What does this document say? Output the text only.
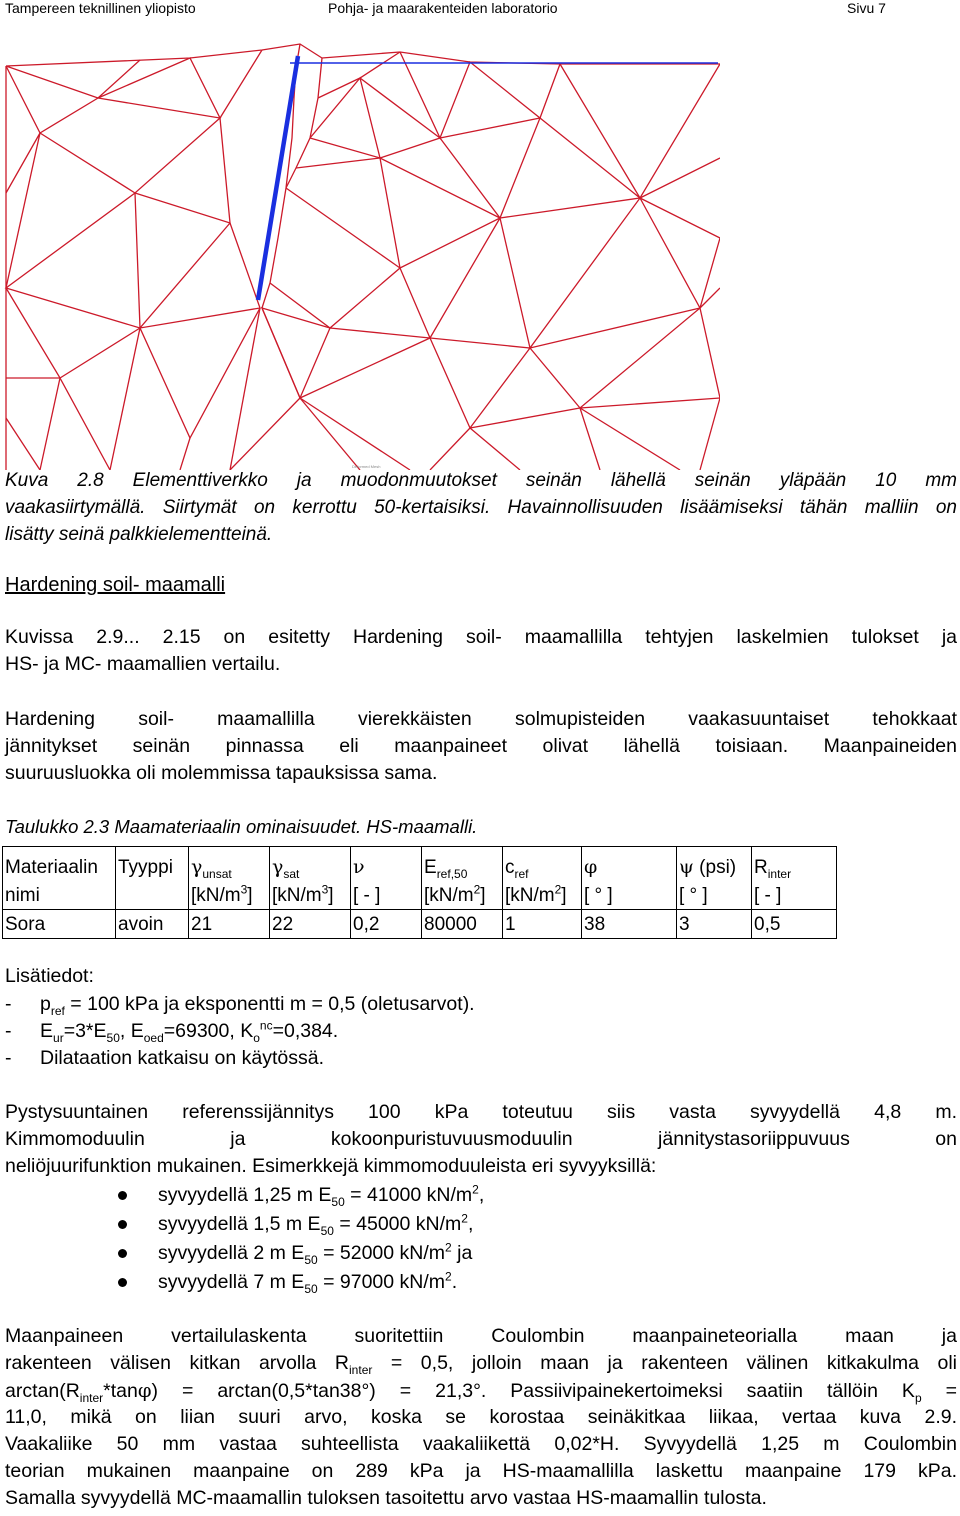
Tampereen teknillinen yliopisto	Pohja- ja maarakenteiden laboratorio	Sivu 7
Deformed Mesh
Kuva 2.8 Elementtiverkko ja muodonmuutokset seinän lähellä seinän yläpään 10 mm
vaakasiirtymällä. Siirtymät on kerrottu 50-kertaisiksi. Havainnollisuuden lisäämiseksi tähän malliin on
lisätty seinä palkkielementteinä.
Hardening soil- maamalli
Kuvissa 2.9... 2.15 on esitetty Hardening soil- maamallilla tehtyjen laskelmien tulokset ja
HS- ja MC- maamallien vertailu.
Hardening soil- maamallilla vierekkäisten solmupisteiden vaakasuuntaiset tehokkaat
jännitykset seinän pinnassa eli maanpaineet olivat lähellä toisiaan. Maanpaineiden
suuruusluokka oli molemmissa tapauksissa sama.
Taulukko 2.3 Maamateriaalin ominaisuudet. HS-maamalli.
Materiaalin	Tyyppi	$\gamma_{unsat}$	$\gamma_{sat}$	ν	$E_{ref,50}$	$c_{ref}$	φ	ψ (psi)	$R_{inter}$
nimi		$[kN/m^3]$	$[kN/m^3]$	[ - ]	$[kN/m^2]$	$[kN/m^2]$	[ ° ]	[ ° ]	[ - ]
Sora	avoin	21	22	0,2	80000	1	38	3	0,5
Lisätiedot:
- $p_{ref} = 100$ kPa ja eksponentti m = 0,5 (oletusarvot).
- $E_{ur}=3*E_{50}$, $E_{oed}=69300$, $K_o^{nc}=0,384$.
- Dilataation katkaisu on käytössä.
Pystysuuntainen referenssijännitys 100 kPa toteutuu siis vasta syvyydellä 4,8 m.
Kimmomoduulin ja kokoonpuristuvuusmoduulin jännitystasoriippuvuus on
neliöjuurifunktion mukainen. Esimerkkejä kimmomoduuleista eri syvyyksillä:
syvyydellä 1,25 m $E_{50} = 41000$ $kN/m^2$,
syvyydellä 1,5 m $E_{50} = 45000$ $kN/m^2$,
syvyydellä 2 m $E_{50} = 52000$ $kN/m^2$ ja
syvyydellä 7 m $E_{50} = 97000$ $kN/m^2$.
Maanpaineen vertailulaskenta suoritettiin Coulombin maanpaineteorialla maan ja
rakenteen välisen kitkan arvolla $R_{inter} = 0,5$, jolloin maan ja rakenteen välinen kitkakulma oli
$\arctan(R_{inter}*\tan\varphi) = \arctan(0,5*\tan 38^\circ) = 21,3^\circ$. Passiivipainekertoimeksi saatiin tällöin $K_p$ =
11,0, mikä on liian suuri arvo, koska se korostaa seinäkitkaa liikaa, vertaa kuva 2.9.
Vaakaliike 50 mm vastaa suhteellista vaakaliikettä 0,02*H. Syvyydellä 1,25 m Coulombin
teorian mukainen maanpaine on 289 kPa ja HS-maamallilla laskettu maanpaine 179 kPa.
Samalla syvyydellä MC-maamallin tuloksen tasoitettu arvo vastaa HS-maamallin tulosta.
